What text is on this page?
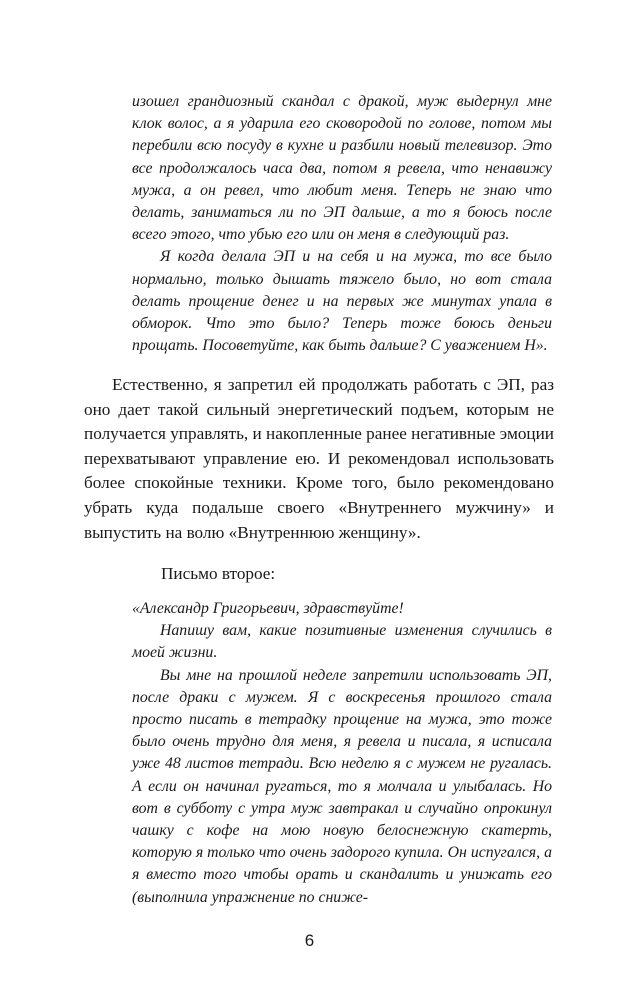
изошел грандиозный скандал с дракой, муж выдернул мне клок волос, а я ударила его сковородой по голове, потом мы перебили всю посуду в кухне и разбили новый телевизор. Это все продолжалось часа два, потом я ревела, что ненавижу мужа, а он ревел, что любит меня. Теперь не знаю что делать, заниматься ли по ЭП дальше, а то я боюсь после всего этого, что убью его или он меня в следующий раз.

Я когда делала ЭП и на себя и на мужа, то все было нормально, только дышать тяжело было, но вот стала делать прощение денег и на первых же минутах упала в обморок. Что это было? Теперь тоже боюсь деньги прощать. Посоветуйте, как быть дальше? С уважением Н».

Естественно, я запретил ей продолжать работать с ЭП, раз оно дает такой сильный энергетический подъем, которым не получается управлять, и накопленные ранее негативные эмоции перехватывают управление ею. И рекомендовал использовать более спокойные техники. Кроме того, было рекомендовано убрать куда подальше своего «Внутреннего мужчину» и выпустить на волю «Внутреннюю женщину».

Письмо второе:

«Александр Григорьевич, здравствуйте!

Напишу вам, какие позитивные изменения случились в моей жизни.

Вы мне на прошлой неделе запретили использовать ЭП, после драки с мужем. Я с воскресенья прошлого стала просто писать в тетрадку прощение на мужа, это тоже было очень трудно для меня, я ревела и писала, я исписала уже 48 листов тетради. Всю неделю я с мужем не ругалась. А если он начинал ругаться, то я молчала и улыбалась. Но вот в субботу с утра муж завтракал и случайно опрокинул чашку с кофе на мою новую белоснежную скатерть, которую я только что очень задорого купила. Он испугался, а я вместо того чтобы орать и скандалить и унижать его (выполнила упражнение по сниже-

6
